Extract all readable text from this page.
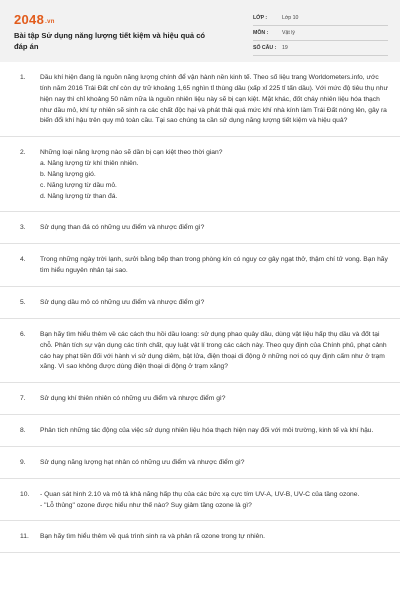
2048.vn
Bài tập Sử dụng năng lượng tiết kiệm và hiệu quả có đáp án
LỚP :	Lớp 10
MÔN :	Vật lý
SỐ CÂU : 19
1. Dầu khí hiện đang là nguồn năng lượng chính để vận hành nền kinh tế. Theo số liệu trang Worldometers.info, ước tính năm 2016 Trái Đất chỉ còn dự trữ khoảng 1,65 nghìn tỉ thùng dầu (xấp xỉ 225 tỉ tấn dầu). Với mức độ tiêu thụ như hiện nay thì chỉ khoảng 50 năm nữa là nguồn nhiên liệu này sẽ bị cạn kiệt. Mặt khác, đốt cháy nhiên liệu hóa thạch như dầu mỏ, khí tự nhiên sẽ sinh ra các chất độc hại và phát thải quá mức khí nhà kính làm Trái Đất nóng lên, gây ra biến đổi khí hậu trên quy mô toàn cầu. Tại sao chúng ta cần sử dụng năng lượng tiết kiệm và hiệu quả?
2. Những loại năng lượng nào sẽ dần bị cạn kiệt theo thời gian?
a. Năng lượng từ khí thiên nhiên.
b. Năng lượng gió.
c. Năng lượng từ dầu mỏ.
d. Năng lượng từ than đá.
3. Sử dụng than đá có những ưu điểm và nhược điểm gì?
4. Trong những ngày trời lạnh, sưởi bằng bếp than trong phòng kín có nguy cơ gây ngạt thở, thậm chí tử vong. Bạn hãy tìm hiểu nguyên nhân tại sao.
5. Sử dụng dầu mỏ có những ưu điểm và nhược điểm gì?
6. Bạn hãy tìm hiểu thêm về các cách thu hồi dầu loang: sử dụng phao quây dầu, dùng vật liệu hấp thụ dầu và đốt tại chỗ. Phân tích sự vận dụng các tính chất, quy luật vật lí trong các cách này. Theo quy định của Chính phủ, phạt cảnh cáo hay phạt tiền đối với hành vi sử dụng diêm, bật lửa, điện thoại di động ở những nơi có quy định cấm như ở trạm xăng. Vì sao không được dùng điện thoại di động ở trạm xăng?
7. Sử dụng khí thiên nhiên có những ưu điểm và nhược điểm gì?
8. Phân tích những tác động của việc sử dụng nhiên liệu hóa thạch hiện nay đối với môi trường, kinh tế và khí hậu.
9. Sử dụng năng lượng hạt nhân có những ưu điểm và nhược điểm gì?
10. - Quan sát hình 2.10 và mô tả khả năng hấp thụ của các bức xạ cực tím UV-A, UV-B, UV-C của tầng ozone.
- "Lỗ thủng" ozone được hiểu như thế nào? Suy giảm tầng ozone là gì?
11. Bạn hãy tìm hiểu thêm về quá trình sinh ra và phân rã ozone trong tự nhiên.
